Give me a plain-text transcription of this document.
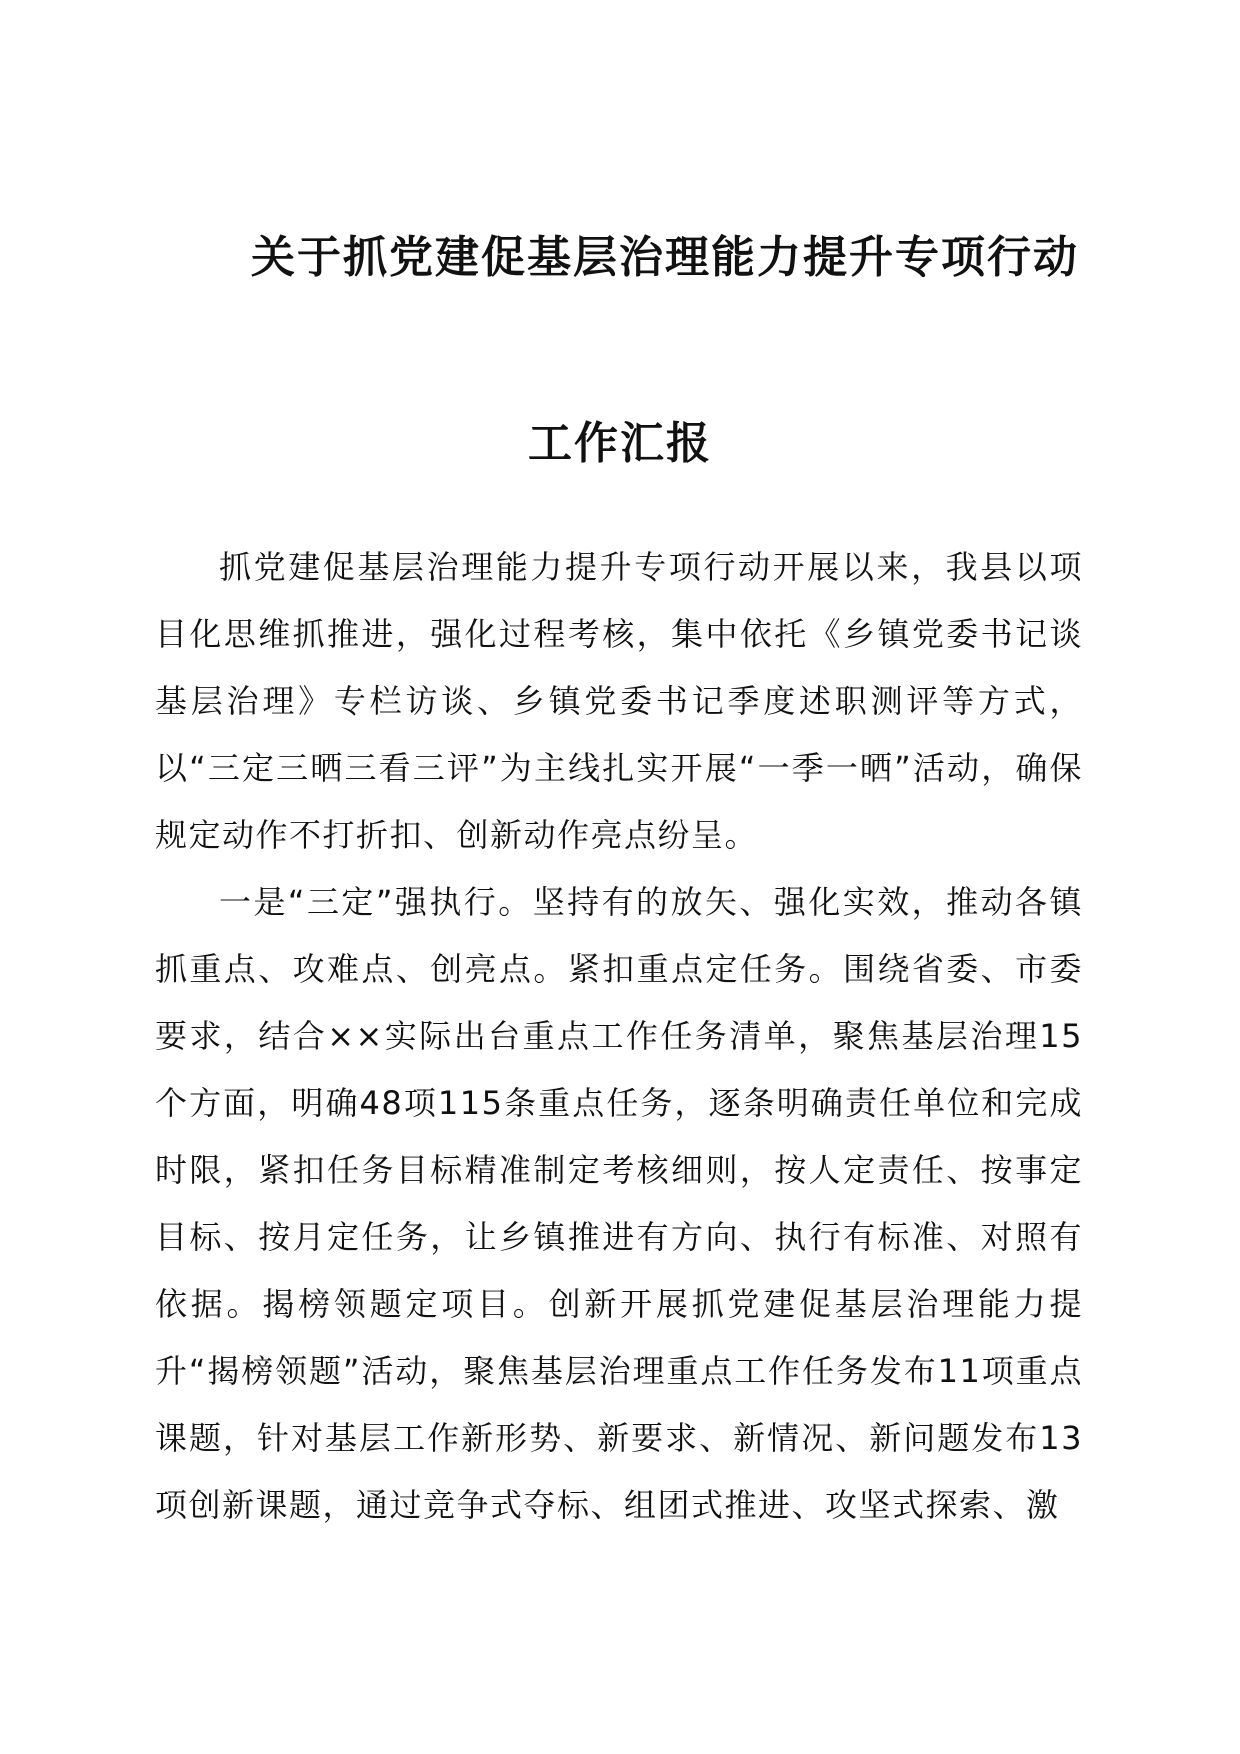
关于抓党建促基层治理能力提升专项行动
工作汇报

抓党建促基层治理能力提升专项行动开展以来，我县以项目化思维抓推进，强化过程考核，集中依托《乡镇党委书记谈基层治理》专栏访谈、乡镇党委书记季度述职测评等方式，以“三定三晒三看三评”为主线扎实开展“一季一晒”活动，确保规定动作不打折扣、创新动作亮点纷呈。

一是“三定”强执行。坚持有的放矢、强化实效，推动各镇抓重点、攻难点、创亮点。紧扣重点定任务。围绕省委、市委要求，结合××实际出台重点工作任务清单，聚焦基层治理15个方面，明确48项115条重点任务，逐条明确责任单位和完成时限，紧扣任务目标精准制定考核细则，按人定责任、按事定目标、按月定任务，让乡镇推进有方向、执行有标准、对照有依据。揭榜领题定项目。创新开展抓党建促基层治理能力提升“揭榜领题”活动，聚焦基层治理重点工作任务发布11项重点课题，针对基层工作新形势、新要求、新情况、新问题发布13项创新课题，通过竞争式夺标、组团式推进、攻坚式探索、激
